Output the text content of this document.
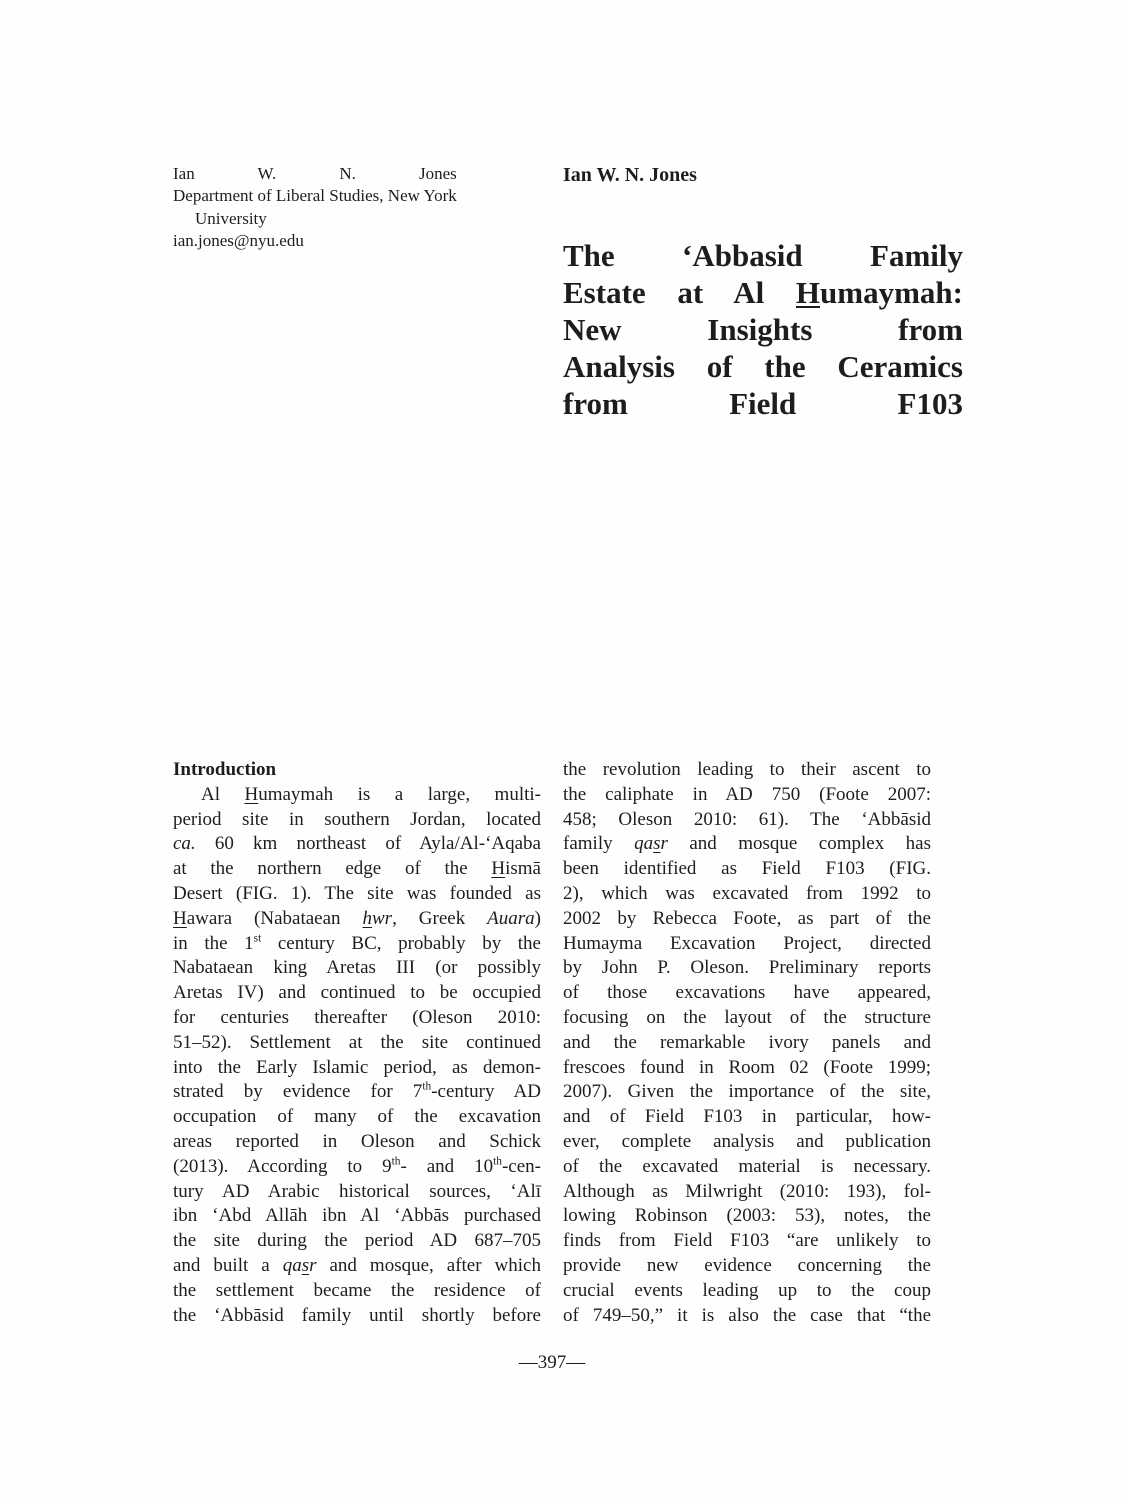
Ian W. N. Jones
Department of Liberal Studies, New York
University
ian.jones@nyu.edu
Ian W. N. Jones
The ‘Abbasid Family
Estate at Al Humaymah:
New Insights from
Analysis of the Ceramics
from Field F103
Introduction
Al Humaymah is a large, multi-
period site in southern Jordan, located
ca. 60 km northeast of Ayla/Al-‘Aqaba
at the northern edge of the Hismā
Desert (FIG. 1). The site was founded as
Hawara (Nabataean hwr, Greek Auara)
in the 1st century BC, probably by the
Nabataean king Aretas III (or possibly
Aretas IV) and continued to be occupied
for centuries thereafter (Oleson 2010:
51–52). Settlement at the site continued
into the Early Islamic period, as demon-
strated by evidence for 7th-century AD
occupation of many of the excavation
areas reported in Oleson and Schick
(2013). According to 9th- and 10th-cen-
tury AD Arabic historical sources, ‘Alī
ibn ‘Abd Allāh ibn Al ‘Abbās purchased
the site during the period AD 687–705
and built a qasr and mosque, after which
the settlement became the residence of
the ‘Abbāsid family until shortly before
the revolution leading to their ascent to
the caliphate in AD 750 (Foote 2007:
458; Oleson 2010: 61). The ‘Abbāsid
family qasr and mosque complex has
been identified as Field F103 (FIG.
2), which was excavated from 1992 to
2002 by Rebecca Foote, as part of the
Humayma Excavation Project, directed
by John P. Oleson. Preliminary reports
of those excavations have appeared,
focusing on the layout of the structure
and the remarkable ivory panels and
frescoes found in Room 02 (Foote 1999;
2007). Given the importance of the site,
and of Field F103 in particular, how-
ever, complete analysis and publication
of the excavated material is necessary.
Although as Milwright (2010: 193), fol-
lowing Robinson (2003: 53), notes, the
finds from Field F103 “are unlikely to
provide new evidence concerning the
crucial events leading up to the coup
of 749–50,” it is also the case that “the
—397—
